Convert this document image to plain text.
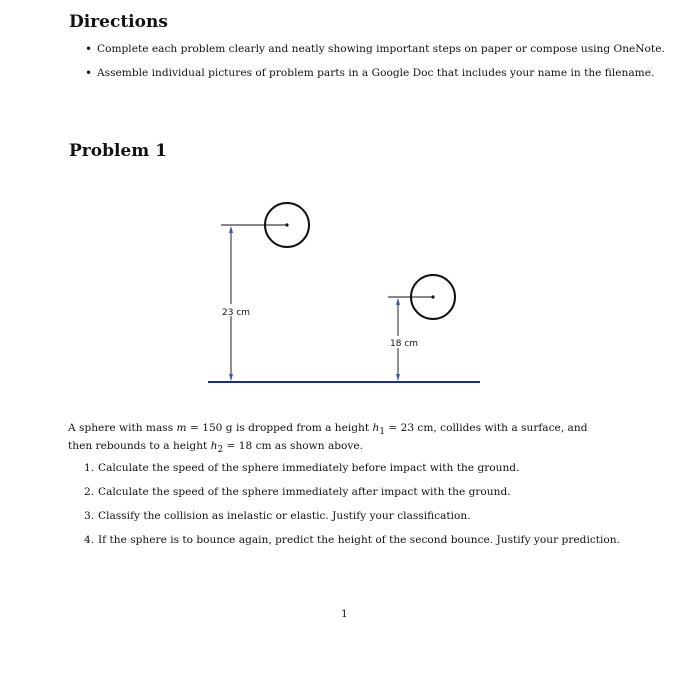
Directions
• Complete each problem clearly and neatly showing important steps on paper or compose using OneNote.
• Assemble individual pictures of problem parts in a Google Doc that includes your name in the filename.
Problem 1
23 cm
18 cm

A sphere with mass m = 150 g is dropped from a height $h_1 = 23$ cm, collides with a surface, and then rebounds to a height $h_2 = 18$ cm as shown above.

1. Calculate the speed of the sphere immediately before impact with the ground.
2. Calculate the speed of the sphere immediately after impact with the ground.
3. Classify the collision as inelastic or elastic. Justify your classification.
4. If the sphere is to bounce again, predict the height of the second bounce. Justify your prediction.
1
